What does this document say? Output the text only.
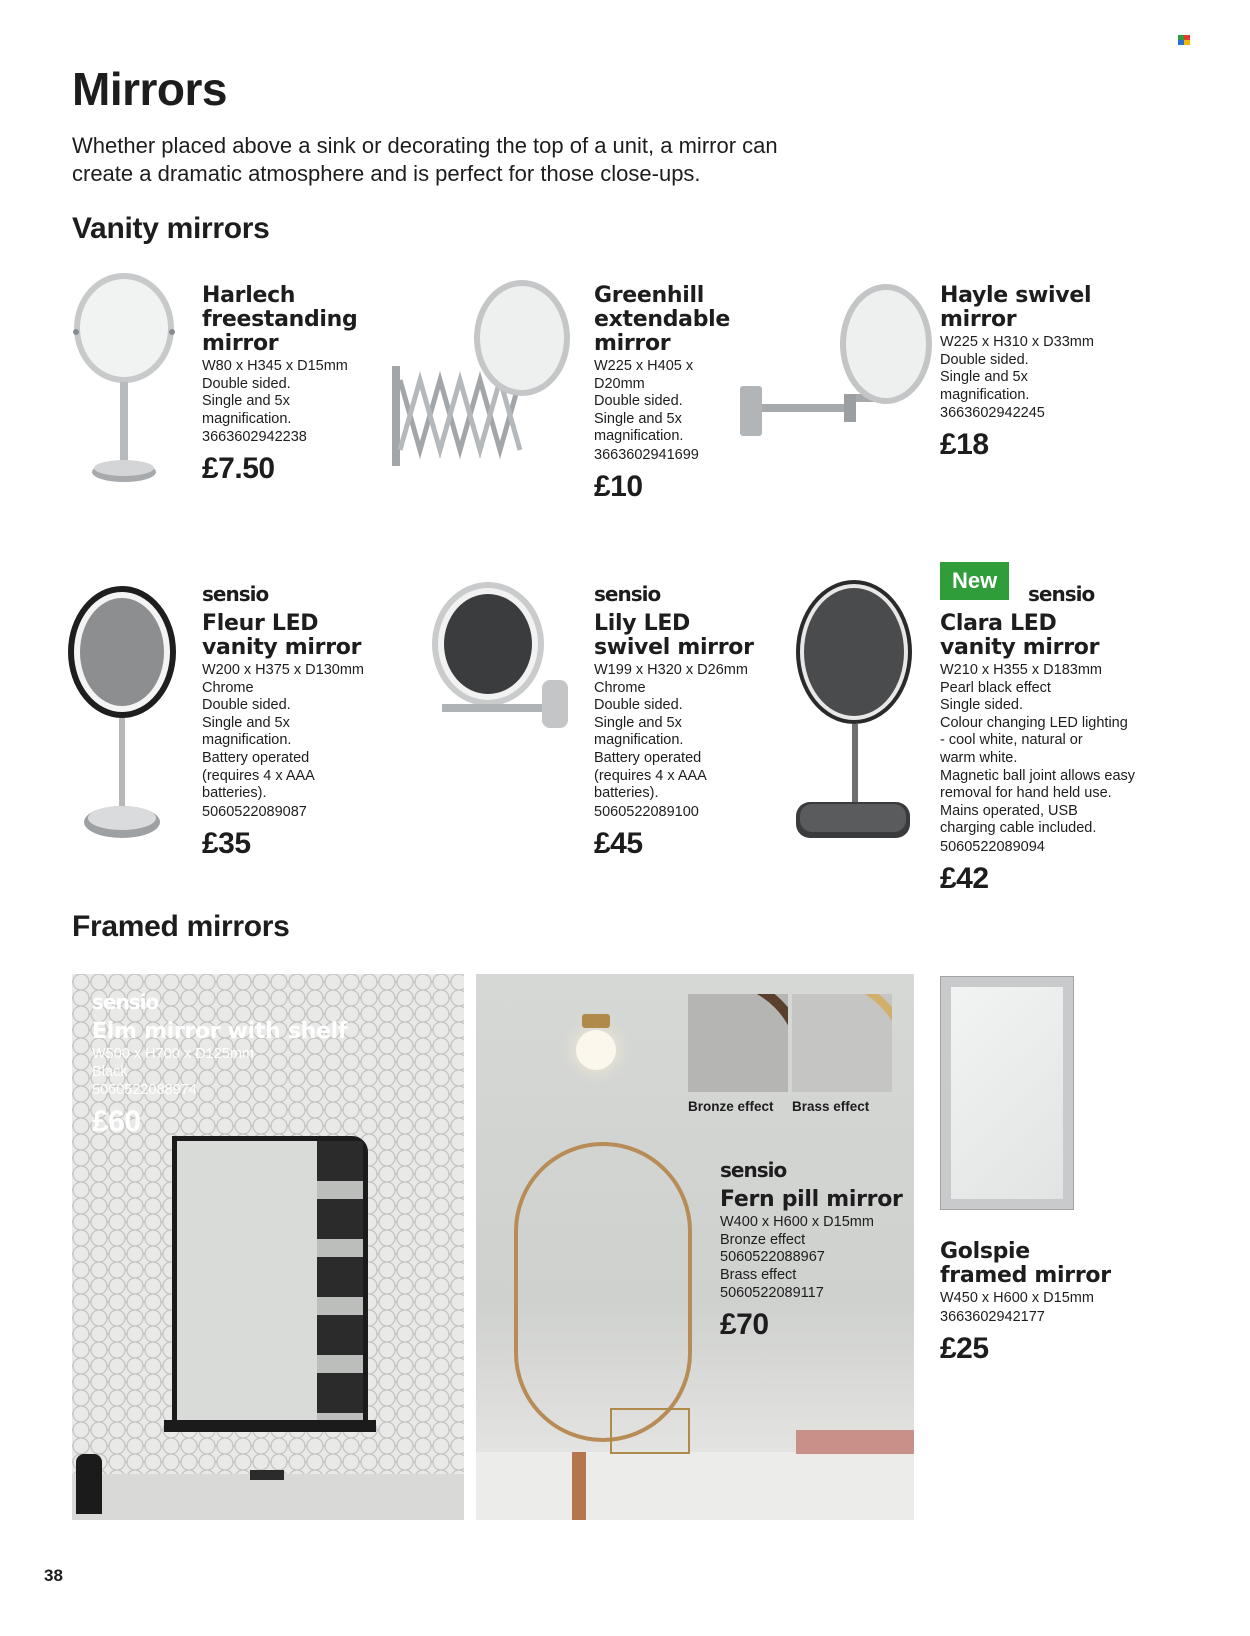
Mirrors

Whether placed above a sink or decorating the top of a unit, a mirror can create a dramatic atmosphere and is perfect for those close-ups.

Vanity mirrors
Harlech
freestanding
mirror
W80 x H345 x D15mm
Double sided.
Single and 5x
magnification.
3663602942238
£7.50
Greenhill
extendable
mirror
W225 x H405 x
D20mm
Double sided.
Single and 5x
magnification.
3663602941699
£10
Hayle swivel
mirror
W225 x H310 x D33mm
Double sided.
Single and 5x
magnification.
3663602942245
£18
sensio
Fleur LED
vanity mirror
W200 x H375 x D130mm
Chrome
Double sided.
Single and 5x
magnification.
Battery operated
(requires 4 x AAA
batteries).
5060522089087
£35
sensio
Lily LED
swivel mirror
W199 x H320 x D26mm
Chrome
Double sided.
Single and 5x
magnification.
Battery operated
(requires 4 x AAA
batteries).
5060522089100
£45
New
sensio
Clara LED
vanity mirror
W210 x H355 x D183mm
Pearl black effect
Single sided.
Colour changing LED lighting
- cool white, natural or
warm white.
Magnetic ball joint allows easy
removal for hand held use.
Mains operated, USB
charging cable included.
5060522089094
£42
Framed mirrors
sensio
Elm mirror with shelf
W500 x H700 x D125mm
Black
5060522088974
£60	Bronze effect Brass effect
sensio
Fern pill mirror
W400 x H600 x D15mm
Bronze effect
5060522088967
Brass effect
5060522089117
£70
Golspie
framed mirror
W450 x H600 x D15mm
3663602942177
£25
38
